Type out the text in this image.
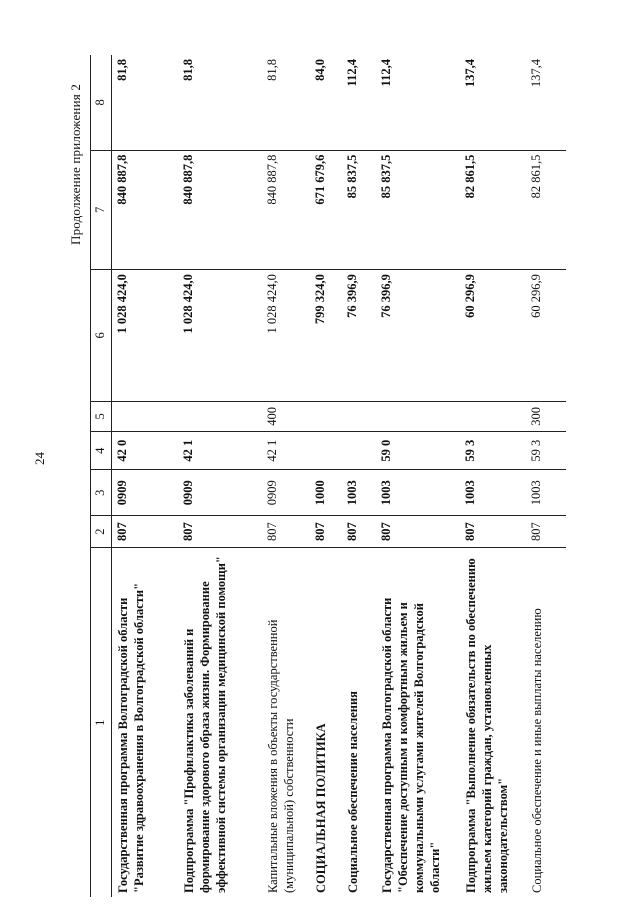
24
Продолжение приложения 2
1	2	3	4	5	6	7	8
Государственная программа Волгоградской области "Развитие здравоохранения в Волгоградской области"	807	0909	42 0		1 028 424,0	840 887,8	81,8
Подпрограмма "Профилактика заболеваний и формирование здорового образа жизни. Формирование эффективной системы организации медицинской помощи"	807	0909	42 1		1 028 424,0	840 887,8	81,8
Капитальные вложения в объекты государственной (муниципальной) собственности	807	0909	42 1	400	1 028 424,0	840 887,8	81,8
СОЦИАЛЬНАЯ ПОЛИТИКА	807	1000			799 324,0	671 679,6	84,0
Социальное обеспечение населения	807	1003			76 396,9	85 837,5	112,4
Государственная программа Волгоградской области "Обеспечение доступным и комфортным жильем и коммунальными услугами жителей Волгоградской области"	807	1003	59 0		76 396,9	85 837,5	112,4
Подпрограмма "Выполнение обязательств по обеспечению жильем категорий граждан, установленных законодательством"	807	1003	59 3		60 296,9	82 861,5	137,4
Социальное обеспечение и иные выплаты населению	807	1003	59 3	300	60 296,9	82 861,5	137,4
